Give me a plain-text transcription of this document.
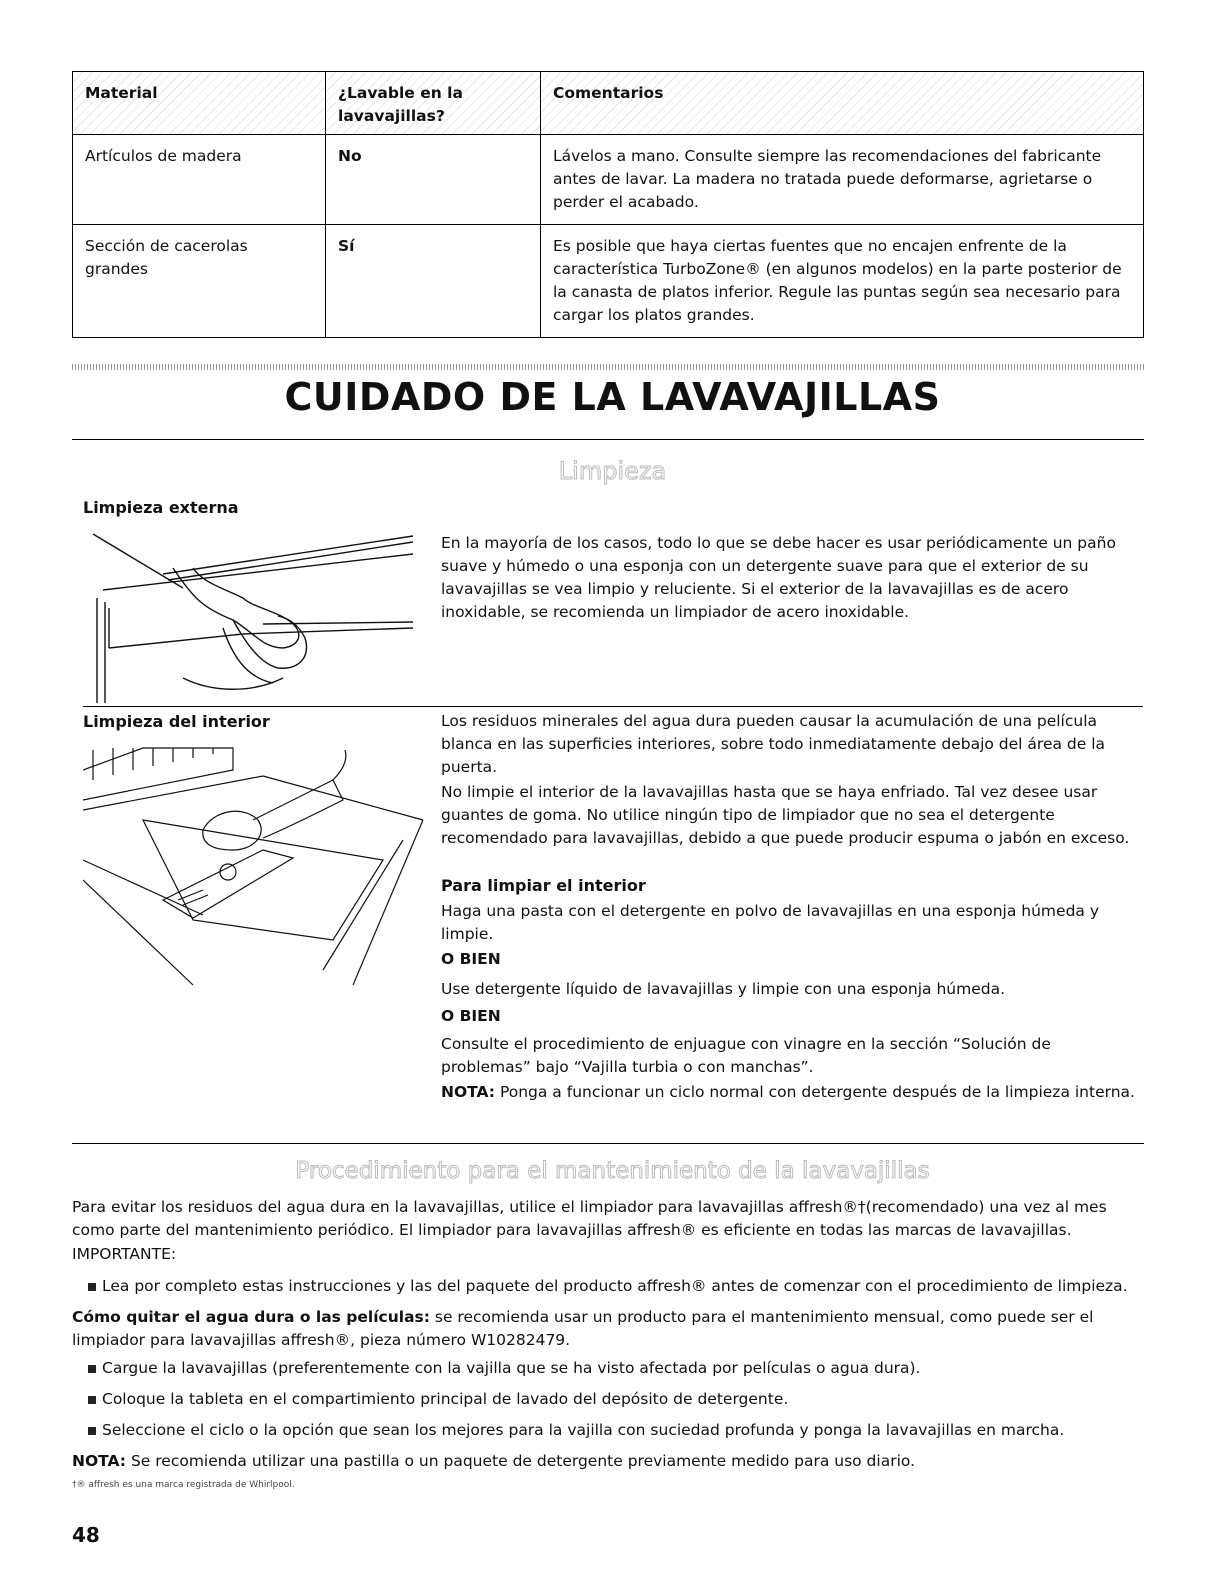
Material	¿Lavable en la lavavajillas?	Comentarios
Artículos de madera	No	Lávelos a mano. Consulte siempre las recomendaciones del fabricante antes de lavar. La madera no tratada puede deformarse, agrietarse o perder el acabado.
Sección de cacerolas grandes	Sí	Es posible que haya ciertas fuentes que no encajen enfrente de la característica TurboZone® (en algunos modelos) en la parte posterior de la canasta de platos inferior. Regule las puntas según sea necesario para cargar los platos grandes.
CUIDADO DE LA LAVAVAJILLAS
Limpieza
Limpieza externa

En la mayoría de los casos, todo lo que se debe hacer es usar periódicamente un paño suave y húmedo o una esponja con un detergente suave para que el exterior de su lavavajillas se vea limpio y reluciente. Si el exterior de la lavavajillas es de acero inoxidable, se recomienda un limpiador de acero inoxidable.

Limpieza del interior	Los residuos minerales del agua dura pueden causar la acumulación de una película blanca en las superficies interiores, sobre todo inmediatamente debajo del área de la puerta.

No limpie el interior de la lavavajillas hasta que se haya enfriado. Tal vez desee usar guantes de goma. No utilice ningún tipo de limpiador que no sea el detergente recomendado para lavavajillas, debido a que puede producir espuma o jabón en exceso.

Para limpiar el interior

Haga una pasta con el detergente en polvo de lavavajillas en una esponja húmeda y limpie.

O BIEN

Use detergente líquido de lavavajillas y limpie con una esponja húmeda.

O BIEN

Consulte el procedimiento de enjuague con vinagre en la sección “Solución de problemas” bajo “Vajilla turbia o con manchas”.

NOTA: Ponga a funcionar un ciclo normal con detergente después de la limpieza interna.

Procedimiento para el mantenimiento de la lavavajillas

Para evitar los residuos del agua dura en la lavavajillas, utilice el limpiador para lavavajillas affresh®†(recomendado) una vez al mes como parte del mantenimiento periódico. El limpiador para lavavajillas affresh® es eficiente en todas las marcas de lavavajillas.

IMPORTANTE:
Lea por completo estas instrucciones y las del paquete del producto affresh® antes de comenzar con el procedimiento de limpieza.

Cómo quitar el agua dura o las películas: se recomienda usar un producto para el mantenimiento mensual, como puede ser el limpiador para lavavajillas affresh®, pieza número W10282479.

Cargue la lavavajillas (preferentemente con la vajilla que se ha visto afectada por películas o agua dura).
Coloque la tableta en el compartimiento principal de lavado del depósito de detergente.
Seleccione el ciclo o la opción que sean los mejores para la vajilla con suciedad profunda y ponga la lavavajillas en marcha.

NOTA: Se recomienda utilizar una pastilla o un paquete de detergente previamente medido para uso diario.

†® affresh es una marca registrada de Whirlpool.
48
